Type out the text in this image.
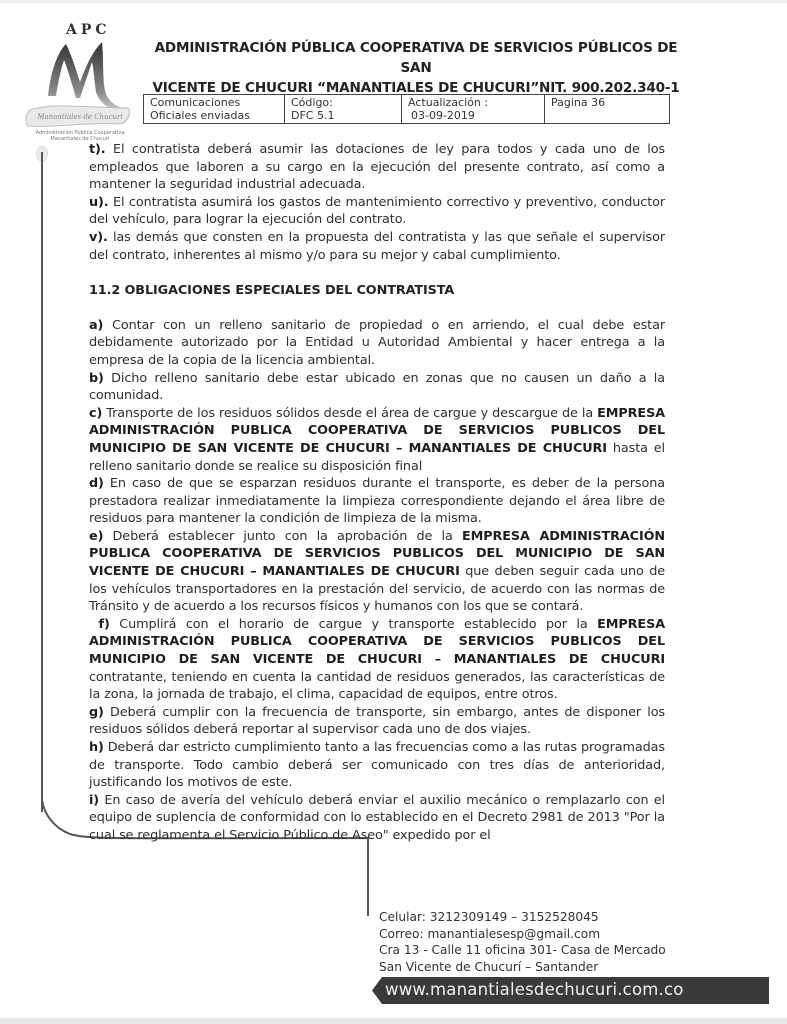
APC
Manantiales de Chucuri
Administración Pública Cooperativa
Manantiales de Chucuri
ADMINISTRACIÓN PÚBLICA COOPERATIVA DE SERVICIOS PÚBLICOS DE SAN
VICENTE DE CHUCURI “MANANTIALES DE CHUCURI”NIT. 900.202.340-1
Comunicaciones
Oficiales enviadas
Código:
DFC 5.1
Actualización :
03-09-2019
Pagina 36

t). El contratista deberá asumir las dotaciones de ley para todos y cada uno de los empleados que laboren a su cargo en la ejecución del presente contrato, así como a mantener la seguridad industrial adecuada.

u). El contratista asumirá los gastos de mantenimiento correctivo y preventivo, conductor del vehículo, para lograr la ejecución del contrato.

v). las demás que consten en la propuesta del contratista y las que señale el supervisor del contrato, inherentes al mismo y/o para su mejor y cabal cumplimiento.

11.2 OBLIGACIONES ESPECIALES DEL CONTRATISTA

a) Contar con un relleno sanitario de propiedad o en arriendo, el cual debe estar debidamente autorizado por la Entidad u Autoridad Ambiental y hacer entrega a la empresa de la copia de la licencia ambiental.

b) Dicho relleno sanitario debe estar ubicado en zonas que no causen un daño a la comunidad.

c) Transporte de los residuos sólidos desde el área de cargue y descargue de la EMPRESA ADMINISTRACIÓN PUBLICA COOPERATIVA DE SERVICIOS PUBLICOS DEL MUNICIPIO DE SAN VICENTE DE CHUCURI – MANANTIALES DE CHUCURI hasta el relleno sanitario donde se realice su disposición final

d) En caso de que se esparzan residuos durante el transporte, es deber de la persona prestadora realizar inmediatamente la limpieza correspondiente dejando el área libre de residuos para mantener la condición de limpieza de la misma.

e) Deberá establecer junto con la aprobación de la EMPRESA ADMINISTRACIÓN PUBLICA COOPERATIVA DE SERVICIOS PUBLICOS DEL MUNICIPIO DE SAN VICENTE DE CHUCURI – MANANTIALES DE CHUCURI que deben seguir cada uno de los vehículos transportadores en la prestación del servicio, de acuerdo con las normas de Tránsito y de acuerdo a los recursos físicos y humanos con los que se contará.

f) Cumplirá con el horario de cargue y transporte establecido por la EMPRESA ADMINISTRACIÓN PUBLICA COOPERATIVA DE SERVICIOS PUBLICOS DEL MUNICIPIO DE SAN VICENTE DE CHUCURI – MANANTIALES DE CHUCURI contratante, teniendo en cuenta la cantidad de residuos generados, las características de la zona, la jornada de trabajo, el clima, capacidad de equipos, entre otros.

g) Deberá cumplir con la frecuencia de transporte, sin embargo, antes de disponer los residuos sólidos deberá reportar al supervisor cada uno de dos viajes.

h) Deberá dar estricto cumplimiento tanto a las frecuencias como a las rutas programadas de transporte. Todo cambio deberá ser comunicado con tres días de anterioridad, justificando los motivos de este.

i) En caso de avería del vehículo deberá enviar el auxilio mecánico o remplazarlo con el equipo de suplencia de conformidad con lo establecido en el Decreto 2981 de 2013 "Por la cual se reglamenta el Servicio Público de Aseo" expedido por el

Celular: 3212309149 – 3152528045
Correo: manantialesesp@gmail.com
Cra 13 - Calle 11 oficina 301- Casa de Mercado
San Vicente de Chucurí – Santander
www.manantialesdechucuri.com.co
